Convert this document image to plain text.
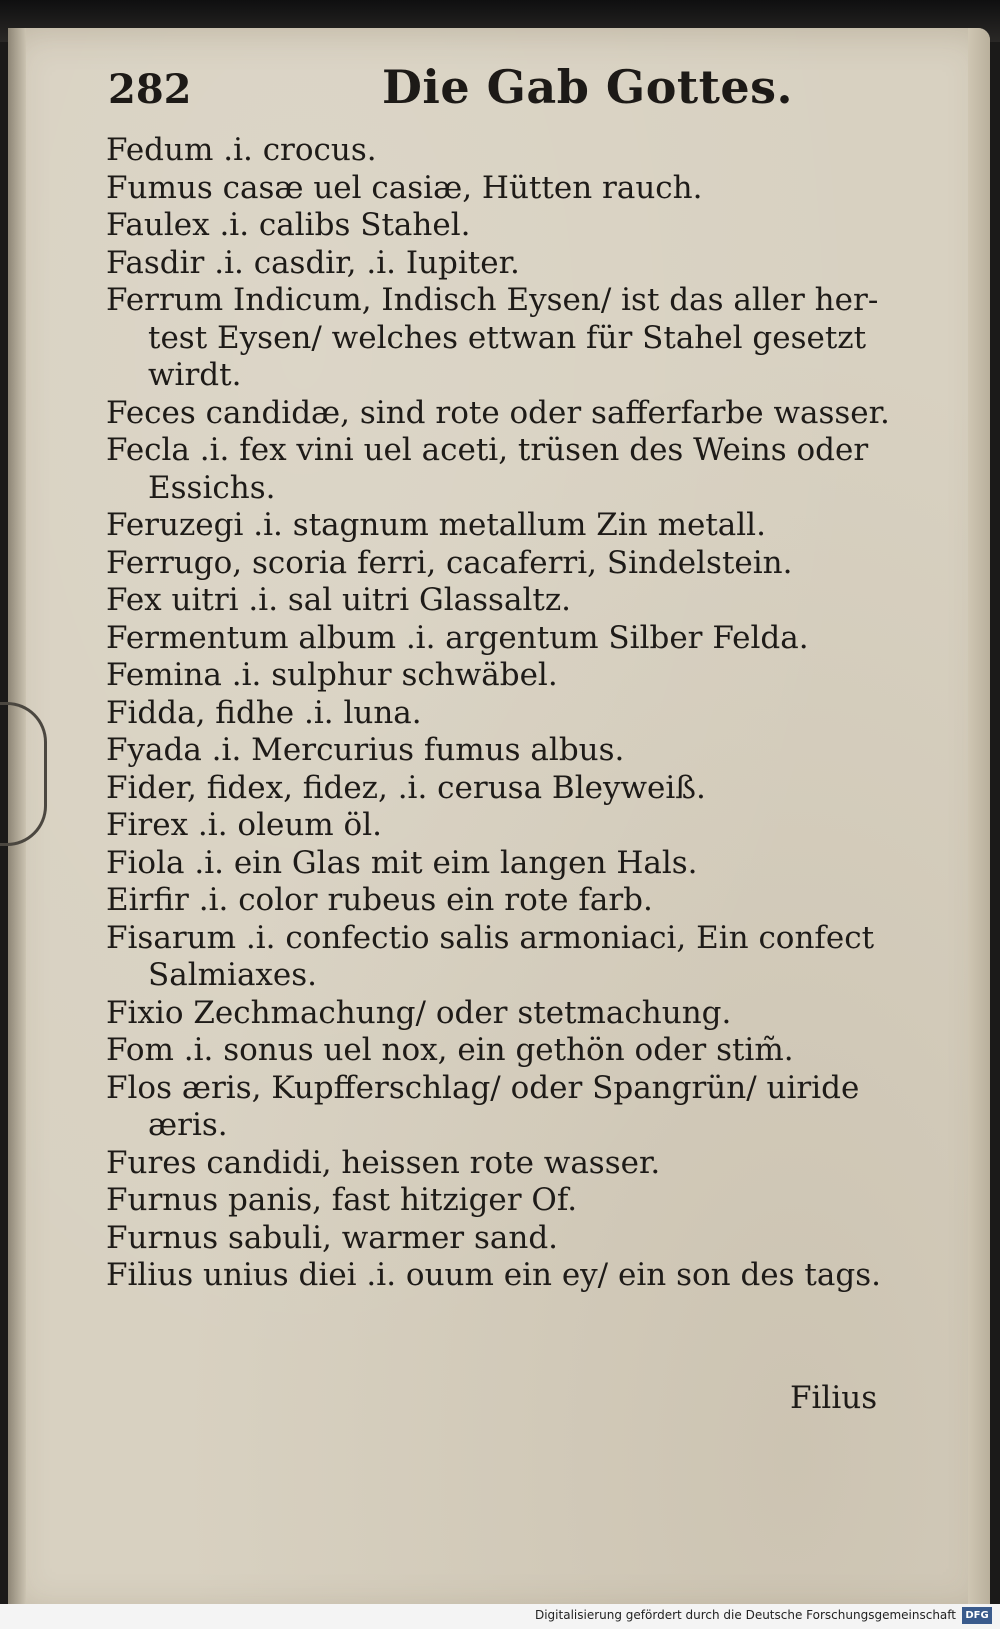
282	Die Gab Gottes.
Fedum .i. crocus.
Fumus casæ uel casiæ, Hütten rauch.
Faulex .i. calibs Stahel.
Fasdir .i. casdir, .i. Iupiter.
Ferrum Indicum, Indisch Eysen/ ist das aller her-
test Eysen/ welches ettwan für Stahel gesetzt
wirdt.
Feces candidæ, sind rote oder safferfarbe wasser.
Fecla .i. fex vini uel aceti, trüsen des Weins oder
Essichs.
Feruzegi .i. stagnum metallum Zin metall.
Ferrugo, scoria ferri, cacaferri, Sindelstein.
Fex uitri .i. sal uitri Glassaltz.
Fermentum album .i. argentum Silber Felda.
Femina .i. sulphur schwäbel.
Fidda, fidhe .i. luna.
Fyada .i. Mercurius fumus albus.
Fider, fidex, fidez, .i. cerusa Bleyweiß.
Firex .i. oleum öl.
Fiola .i. ein Glas mit eim langen Hals.
Eirfir .i. color rubeus ein rote farb.
Fisarum .i. confectio salis armoniaci, Ein confect
Salmiaxes.
Fixio Zechmachung/ oder stetmachung.
Fom .i. sonus uel nox, ein gethön oder stim̃.
Flos æris, Kupfferschlag/ oder Spangrün/ uiride
æris.
Fures candidi, heissen rote wasser.
Furnus panis, fast hitziger Of.
Furnus sabuli, warmer sand.
Filius unius diei .i. ouum ein ey/ ein son des tags.
Filius
Digitalisierung gefördert durch die Deutsche Forschungsgemeinschaft DFG
